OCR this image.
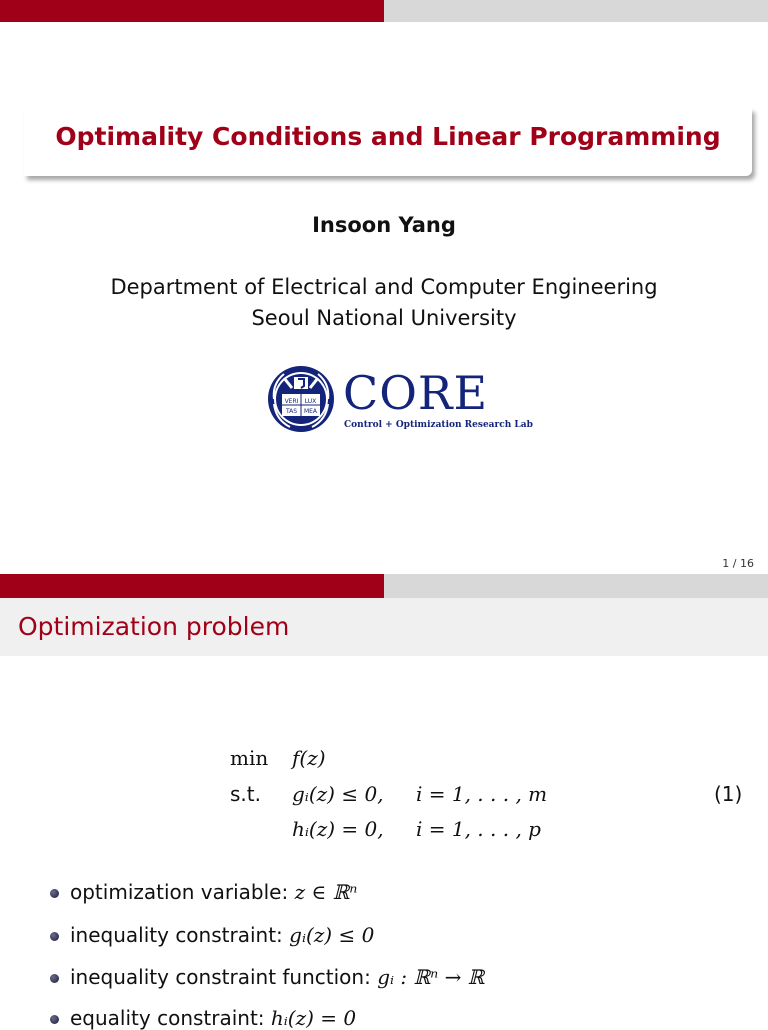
Optimality Conditions and Linear Programming
Insoon Yang
Department of Electrical and Computer Engineering
Seoul National University
VERI LUX
TAS MEA CORE
Control + Optimization Research Lab
1 / 16
Optimization problem
min f(z)
s.t. gᵢ(z) ≤ 0, i = 1, . . . , m
hᵢ(z) = 0, i = 1, . . . , p
(1)
optimization variable: z ∈ ℝⁿ
inequality constraint: gᵢ(z) ≤ 0
inequality constraint function: gᵢ : ℝⁿ → ℝ
equality constraint: hᵢ(z) = 0
